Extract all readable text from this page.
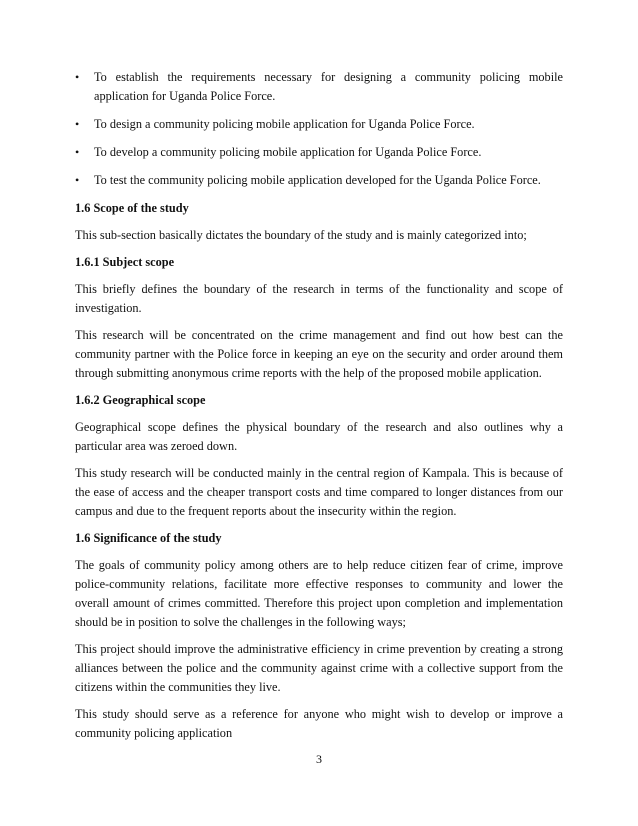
• To establish the requirements necessary for designing a community policing mobile application for Uganda Police Force.
• To design a community policing mobile application for Uganda Police Force.
• To develop a community policing mobile application for Uganda Police Force.
• To test the community policing mobile application developed for the Uganda Police Force.
1.6 Scope of the study

This sub-section basically dictates the boundary of the study and is mainly categorized into;

1.6.1 Subject scope

This briefly defines the boundary of the research in terms of the functionality and scope of investigation.

This research will be concentrated on the crime management and find out how best can the community partner with the Police force in keeping an eye on the security and order around them through submitting anonymous crime reports with the help of the proposed mobile application.

1.6.2 Geographical scope

Geographical scope defines the physical boundary of the research and also outlines why a particular area was zeroed down.

This study research will be conducted mainly in the central region of Kampala. This is because of the ease of access and the cheaper transport costs and time compared to longer distances from our campus and due to the frequent reports about the insecurity within the region.

1.6 Significance of the study

The goals of community policy among others are to help reduce citizen fear of crime, improve police-community relations, facilitate more effective responses to community and lower the overall amount of crimes committed. Therefore this project upon completion and implementation should be in position to solve the challenges in the following ways;

This project should improve the administrative efficiency in crime prevention by creating a strong alliances between the police and the community against crime with a collective support from the citizens within the communities they live.

This study should serve as a reference for anyone who might wish to develop or improve a community policing application

3
